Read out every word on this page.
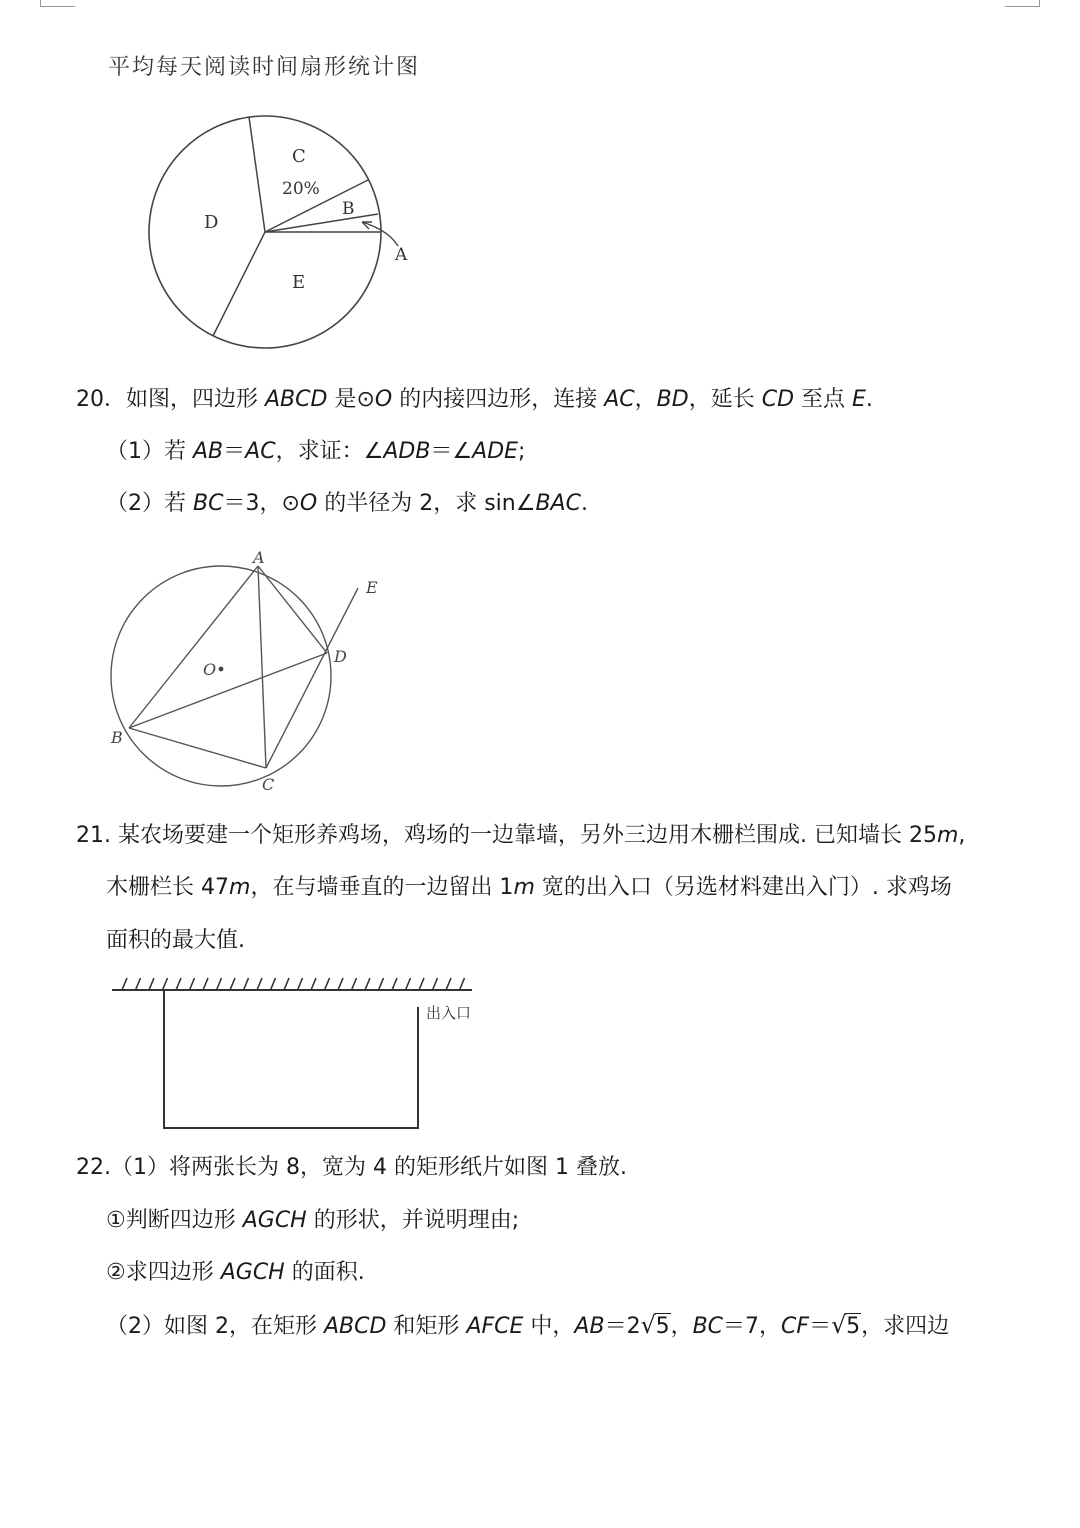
平均每天阅读时间扇形统计图
C
20%
B
A
D
E
20．如图，四边形 ABCD 是⊙O 的内接四边形，连接 AC，BD，延长 CD 至点 E.
（1）若 AB＝AC，求证：∠ADB＝∠ADE;
（2）若 BC＝3，⊙O 的半径为 2，求 sin∠BAC.
A
B
C
D
E
O
21. 某农场要建一个矩形养鸡场，鸡场的一边靠墙，另外三边用木栅栏围成. 已知墙长 25m,
木栅栏长 47m，在与墙垂直的一边留出 1m 宽的出入口（另选材料建出入门）. 求鸡场
面积的最大值.
出入口
22.（1）将两张长为 8，宽为 4 的矩形纸片如图 1 叠放.
①判断四边形 AGCH 的形状，并说明理由;
②求四边形 AGCH 的面积.
（2）如图 2，在矩形 ABCD 和矩形 AFCE 中，AB＝2 √ 5，BC＝7，CF＝ √ 5，求四边
